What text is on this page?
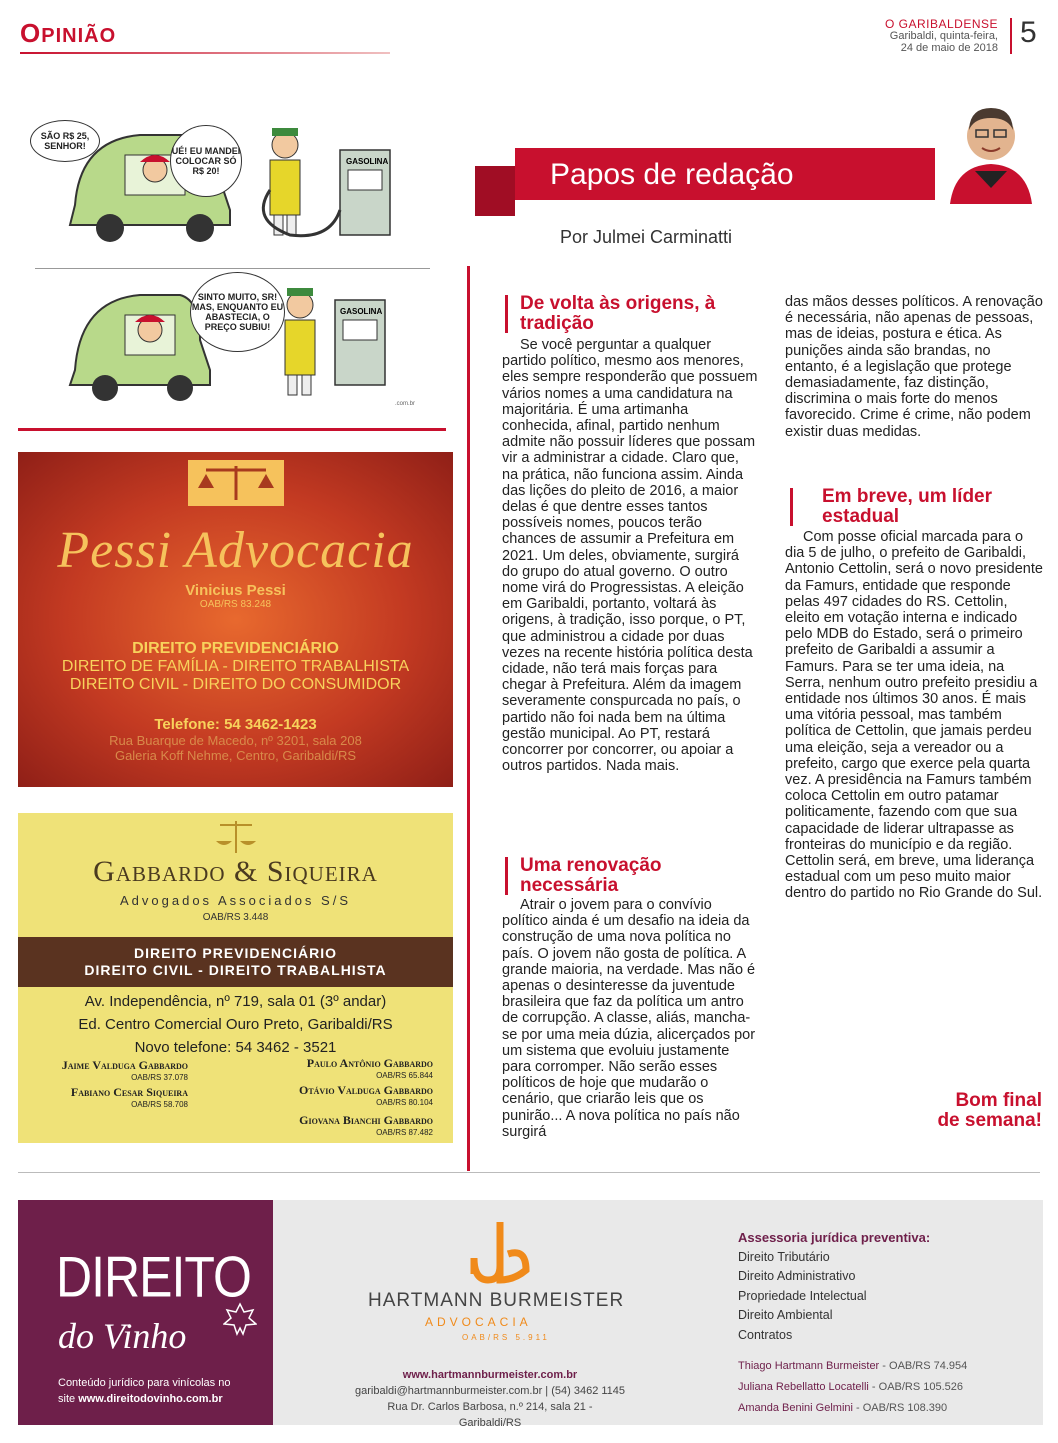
OPINIÃO
O GARIBALDENSE
Garibaldi, quinta-feira,
24 de maio de 2018 5
GASOLINA
GASOLINA
.com.br
SÃO R$ 25, SENHOR!	UÉ! EU MANDEI COLOCAR SÓ R$ 20!
SINTO MUITO, SR! MAS, ENQUANTO EU ABASTECIA, O PREÇO SUBIU!
Pessi Advocacia
Vinicius Pessi
OAB/RS 83.248
DIREITO PREVIDENCIÁRIO
DIREITO DE FAMÍLIA - DIREITO TRABALHISTA
DIREITO CIVIL - DIREITO DO CONSUMIDOR
Telefone: 54 3462-1423
Rua Buarque de Macedo, nº 3201, sala 208
Galeria Koff Nehme, Centro, Garibaldi/RS
Gabbardo & Siqueira
Advogados Associados S/S
OAB/RS 3.448
DIREITO PREVIDENCIÁRIO
DIREITO CIVIL - DIREITO TRABALHISTA
Av. Independência, nº 719, sala 01 (3º andar)
Ed. Centro Comercial Ouro Preto, Garibaldi/RS
Novo telefone: 54 3462 - 3521
Jaime Valduga Gabbardo
OAB/RS 37.078
Paulo Antônio Gabbardo
OAB/RS 65.844
Fabiano Cesar Siqueira
OAB/RS 58.708
Otávio Valduga Gabbardo
OAB/RS 80.104
Giovana Bianchi Gabbardo
OAB/RS 87.482
Papos de redação
Por Julmei Carminatti
De volta às origens, à tradição

Se você perguntar a qualquer partido político, mesmo aos menores, eles sempre responderão que possuem vários nomes a uma candidatura na majoritária. É uma artimanha conhecida, afinal, partido nenhum admite não possuir líderes que possam vir a administrar a cidade. Claro que, na prática, não funciona assim. Ainda das lições do pleito de 2016, a maior delas é que dentre esses tantos possíveis nomes, poucos terão chances de assumir a Prefeitura em 2021. Um deles, obviamente, surgirá do grupo do atual governo. O outro nome virá do Progressistas. A eleição em Garibaldi, portanto, voltará às origens, à tradição, isso porque, o PT, que administrou a cidade por duas vezes na recente história política desta cidade, não terá mais forças para chegar à Prefeitura. Além da imagem severamente conspurcada no país, o partido não foi nada bem na última gestão municipal. Ao PT, restará concorrer por concorrer, ou apoiar a outros partidos. Nada mais.

Uma renovação necessária

Atrair o jovem para o convívio político ainda é um desafio na ideia da construção de uma nova política no país. O jovem não gosta de política. A grande maioria, na verdade. Mas não é apenas o desinteresse da juventude brasileira que faz da política um antro de corrupção. A classe, aliás, mancha-se por uma meia dúzia, alicerçados por um sistema que evoluiu justamente para corromper. Não serão esses políticos de hoje que mudarão o cenário, que criarão leis que os punirão... A nova política no país não surgirá

das mãos desses políticos. A renovação é necessária, não apenas de pessoas, mas de ideias, postura e ética. As punições ainda são brandas, no entanto, é a legislação que protege demasiadamente, faz distinção, discrimina o mais forte do menos favorecido. Crime é crime, não podem existir duas medidas.
Em breve, um líder estadual

Com posse oficial marcada para o dia 5 de julho, o prefeito de Garibaldi, Antonio Cettolin, será o novo presidente da Famurs, entidade que responde pelas 497 cidades do RS. Cettolin, eleito em votação interna e indicado pelo MDB do Estado, será o primeiro prefeito de Garibaldi a assumir a Famurs. Para se ter uma ideia, na Serra, nenhum outro prefeito presidiu a entidade nos últimos 30 anos. É mais uma vitória pessoal, mas também política de Cettolin, que jamais perdeu uma eleição, seja a vereador ou a prefeito, cargo que exerce pela quarta vez. A presidência na Famurs também coloca Cettolin em outro patamar politicamente, fazendo com que sua capacidade de liderar ultrapasse as fronteiras do município e da região. Cettolin será, em breve, uma liderança estadual com um peso muito maior dentro do partido no Rio Grande do Sul.

Bom final
de semana!
DIREITO
do Vinho
Conteúdo jurídico para vinícolas no
site www.direitodovinho.com.br
HARTMANN BURMEISTER
ADVOCACIA
OAB/RS 5.911
www.hartmannburmeister.com.br
garibaldi@hartmannburmeister.com.br | (54) 3462 1145
Rua Dr. Carlos Barbosa, n.º 214, sala 21 - Garibaldi/RS
Assessoria jurídica preventiva:
Direito Tributário
Direito Administrativo
Propriedade Intelectual
Direito Ambiental
Contratos
Thiago Hartmann Burmeister - OAB/RS 74.954
Juliana Rebellatto Locatelli - OAB/RS 105.526
Amanda Benini Gelmini - OAB/RS 108.390
